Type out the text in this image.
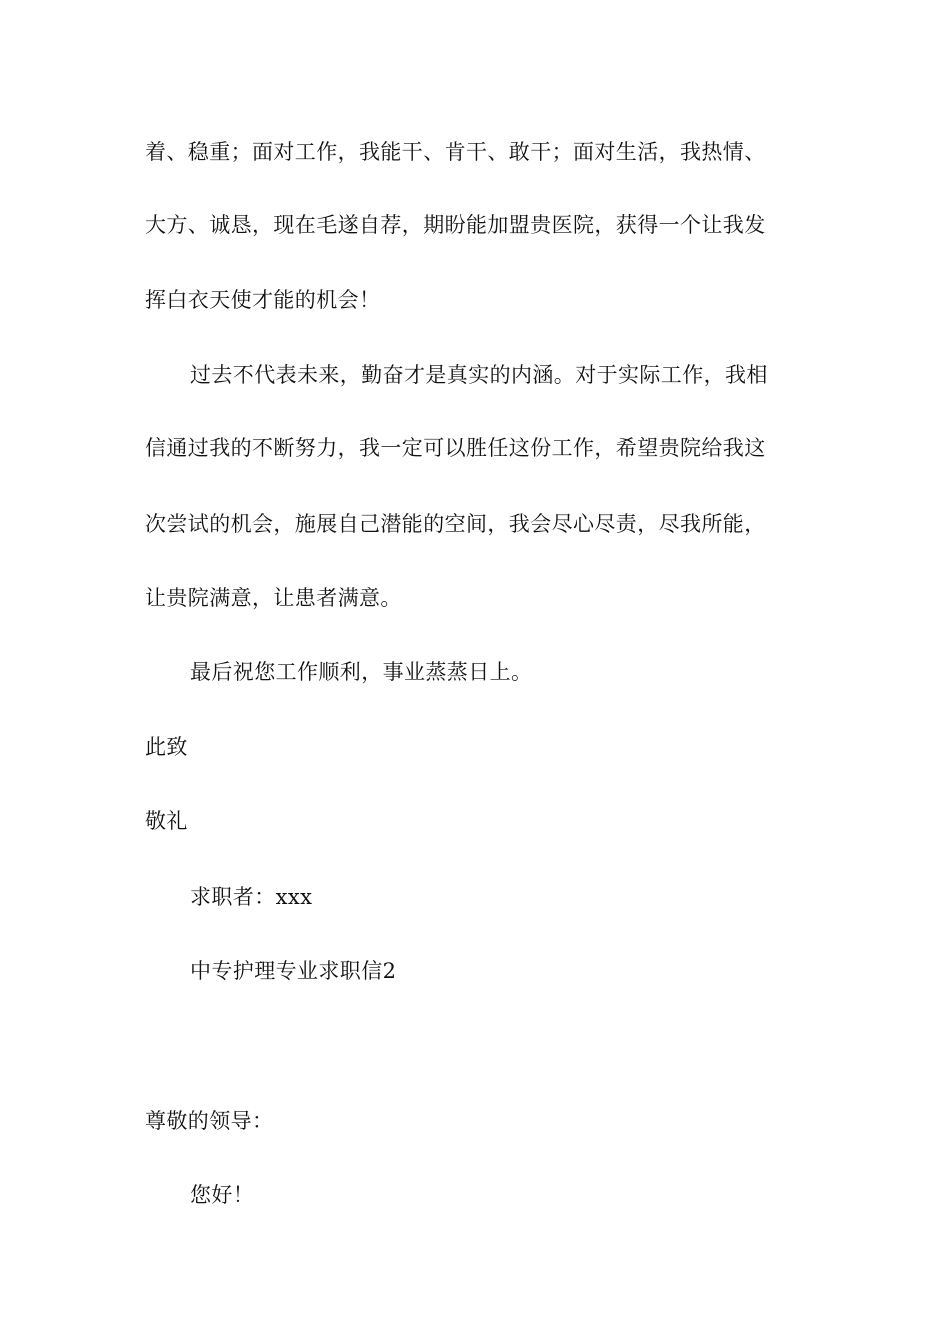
着、稳重；面对工作，我能干、肯干、敢干；面对生活，我热情、
大方、诚恳，现在毛遂自荐，期盼能加盟贵医院，获得一个让我发
挥白衣天使才能的机会！
过去不代表未来，勤奋才是真实的内涵。对于实际工作，我相
信通过我的不断努力，我一定可以胜任这份工作，希望贵院给我这
次尝试的机会，施展自己潜能的空间，我会尽心尽责，尽我所能，
让贵院满意，让患者满意。
最后祝您工作顺利，事业蒸蒸日上。
此致
敬礼
求职者：xxx
中专护理专业求职信2
尊敬的领导：
您好！
